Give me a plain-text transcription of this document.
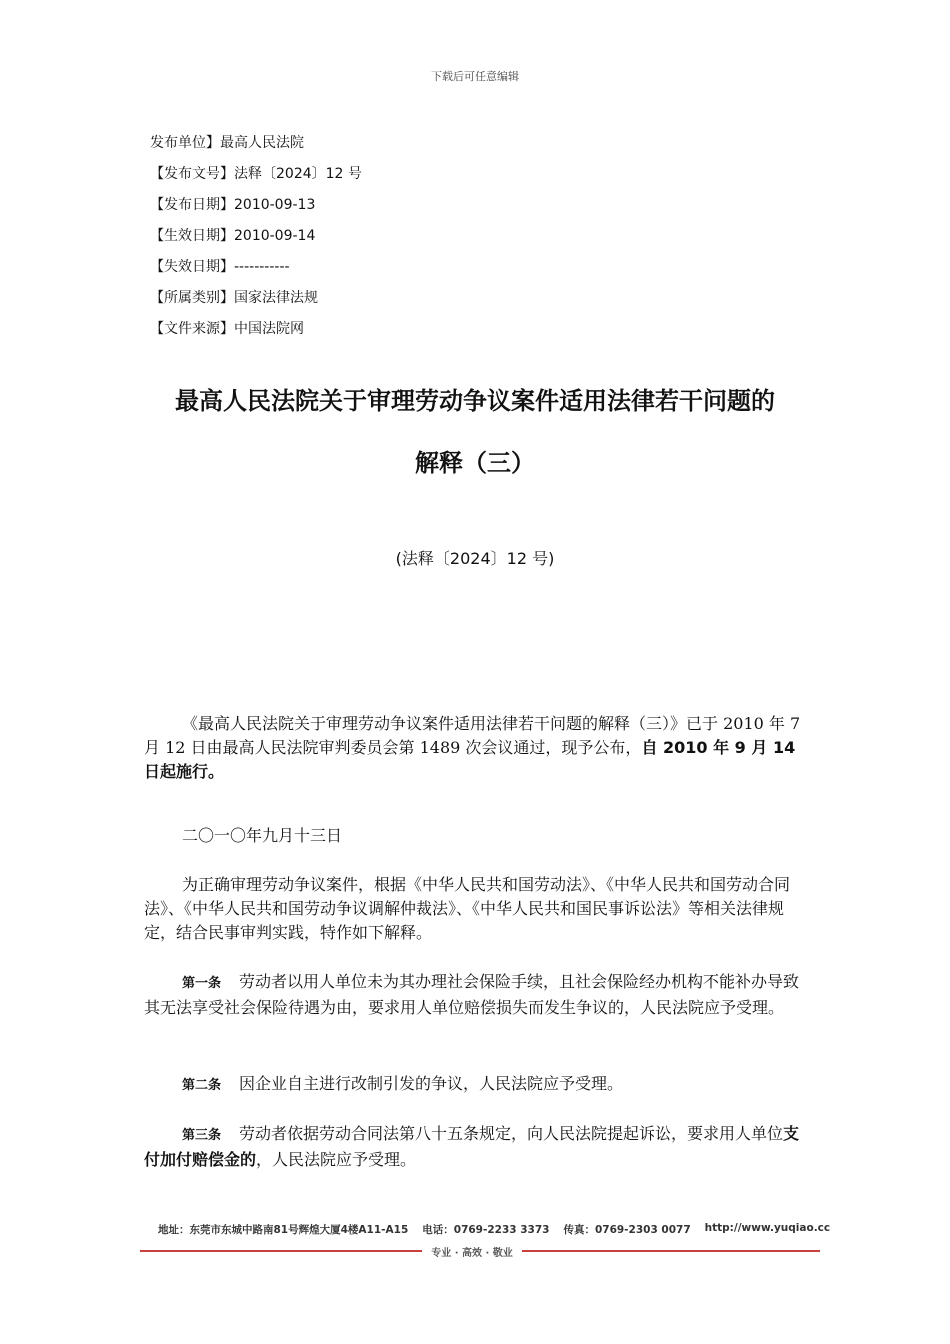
下载后可任意编辑
发布单位】最高人民法院
【发布文号】法释〔2024〕12 号
【发布日期】2010-09-13
【生效日期】2010-09-14
【失效日期】-----------
【所属类别】国家法律法规
【文件来源】中国法院网
最高人民法院关于审理劳动争议案件适用法律若干问题的
解释（三）
(法释〔2024〕12 号)

《最高人民法院关于审理劳动争议案件适用法律若干问题的解释（三）》已于 2010 年 7 月 12 日由最高人民法院审判委员会第 1489 次会议通过，现予公布，自 2010 年 9 月 14 日起施行。

二〇一〇年九月十三日

为正确审理劳动争议案件，根据《中华人民共和国劳动法》、《中华人民共和国劳动合同法》、《中华人民共和国劳动争议调解仲裁法》、《中华人民共和国民事诉讼法》等相关法律规定，结合民事审判实践，特作如下解释。

第一条 劳动者以用人单位未为其办理社会保险手续，且社会保险经办机构不能补办导致其无法享受社会保险待遇为由，要求用人单位赔偿损失而发生争议的，人民法院应予受理。

第二条 因企业自主进行改制引发的争议，人民法院应予受理。

第三条 劳动者依据劳动合同法第八十五条规定，向人民法院提起诉讼，要求用人单位支付加付赔偿金的，人民法院应予受理。

地址：东莞市东城中路南81号辉煌大厦4楼A11-A15 电话：0769-2233 3373 传真：0769-2303 0077 http://www.yuqiao.cc
专业 · 高效 · 敬业
